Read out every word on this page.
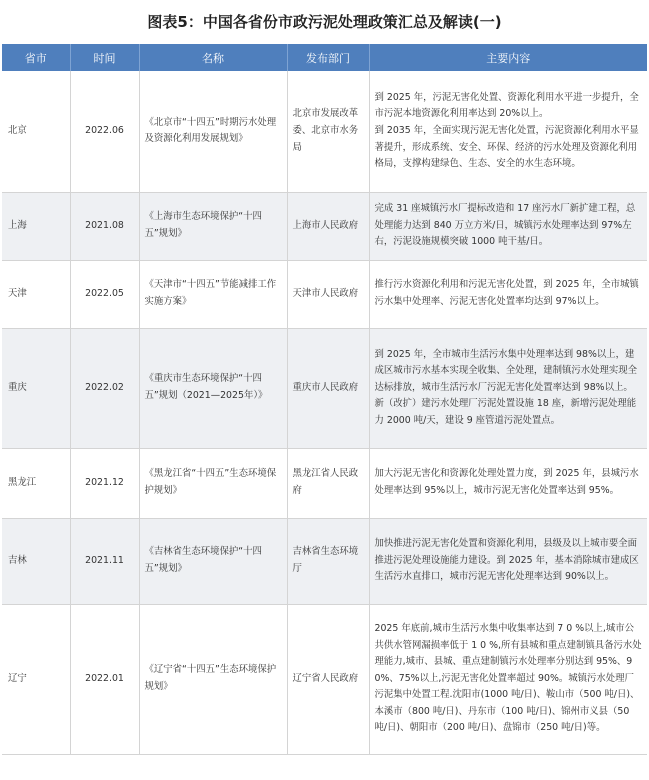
图表5：中国各省份市政污泥处理政策汇总及解读(一)
省市	时间	名称	发布部门	主要内容
北京	2022.06	《北京市“十四五”时期污水处理及资源化利用发展规划》	北京市发展改革委、北京市水务局	到 2025 年，污泥无害化处置、资源化利用水平进一步提升，全市污泥本地资源化利用率达到 20%以上。
到 2035 年，全面实现污泥无害化处置，污泥资源化利用水平显著提升，形成系统、安全、环保、经济的污水处理及资源化利用格局，支撑构建绿色、生态、安全的水生态环境。

上海	2021.08	《上海市生态环境保护“十四五”规划》	上海市人民政府	完成 31 座城镇污水厂提标改造和 17 座污水厂新扩建工程，总处理能力达到 840 万立方米/日，城镇污水处理率达到 97%左右，污泥设施规模突破 1000 吨干基/日。
天津	2022.05	《天津市“十四五”节能减排工作实施方案》	天津市人民政府	推行污水资源化利用和污泥无害化处置，到 2025 年，全市城镇污水集中处理率、污泥无害化处置率均达到 97%以上。
重庆	2022.02	《重庆市生态环境保护“十四五”规划（2021—2025年）》	重庆市人民政府	到 2025 年，全市城市生活污水集中处理率达到 98%以上，建成区城市污水基本实现全收集、全处理，建制镇污水处理实现全达标排放，城市生活污水厂污泥无害化处置率达到 98%以上。新（改扩）建污水处理厂污泥处置设施 18 座，新增污泥处理能力 2000 吨/天，建设 9 座管道污泥处置点。
黑龙江	2021.12	《黑龙江省“十四五”生态环境保护规划》	黑龙江省人民政府	加大污泥无害化和资源化处理处置力度，到 2025 年，县城污水处理率达到 95%以上，城市污泥无害化处置率达到 95%。
吉林	2021.11	《吉林省生态环境保护“十四五”规划》	吉林省生态环境厅	加快推进污泥无害化处置和资源化利用，县级及以上城市要全面推进污泥处理设施能力建设。到 2025 年，基本消除城市建成区生活污水直排口，城市污泥无害化处理率达到 90%以上。
辽宁	2022.01	《辽宁省“十四五”生态环境保护规划》	辽宁省人民政府	2025 年底前,城市生活污水集中收集率达到 7 0 %以上,城市公共供水管网漏损率低于 1 0 %,所有县城和重点建制镇具备污水处理能力,城市、县城、重点建制镇污水处理率分别达到 95%、90%、75%以上,污泥无害化处置率超过 90%。城镇污水处理厂污泥集中处置工程.沈阳市(1000 吨/日)、鞍山市（500 吨/日)、本溪市（800 吨/日)、丹东市（100 吨/日)、锦州市义县（50 吨/日)、朝阳市（200 吨/日)、盘锦市（250 吨/日)等。
